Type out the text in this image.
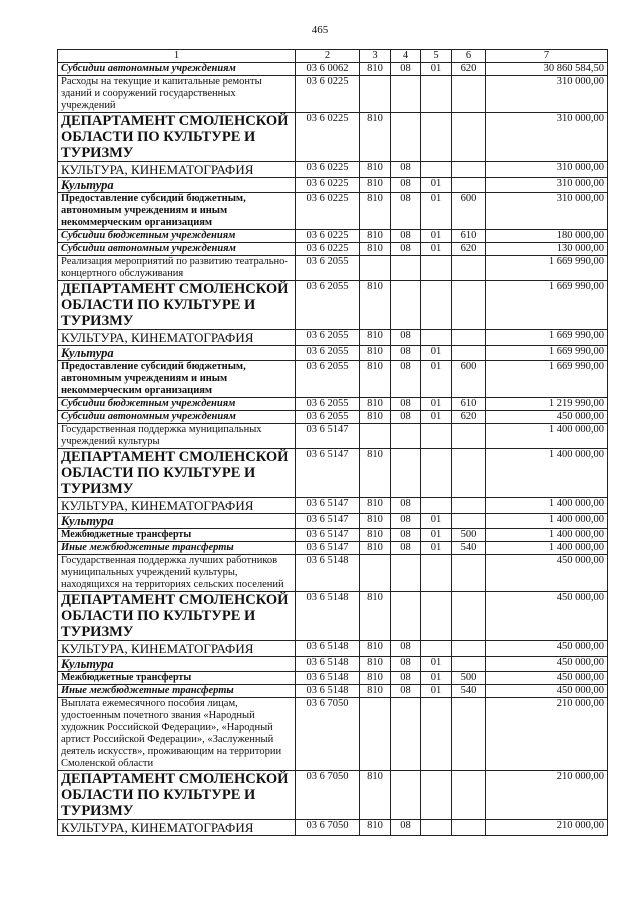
465
1	2	3	4	5	6	7
Субсидии автономным учреждениям	03 6 0062	810	08	01	620	30 860 584,50
Расходы на текущие и капитальные ремонты зданий и сооружений государственных учреждений	03 6 0225					310 000,00
ДЕПАРТАМЕНТ СМОЛЕНСКОЙ ОБЛАСТИ ПО КУЛЬТУРЕ И ТУРИЗМУ	03 6 0225	810				310 000,00
КУЛЬТУРА, КИНЕМАТОГРАФИЯ	03 6 0225	810	08			310 000,00
Культура	03 6 0225	810	08	01		310 000,00
Предоставление субсидий бюджетным, автономным учреждениям и иным некоммерческим организациям	03 6 0225	810	08	01	600	310 000,00
Субсидии бюджетным учреждениям	03 6 0225	810	08	01	610	180 000,00
Субсидии автономным учреждениям	03 6 0225	810	08	01	620	130 000,00
Реализация мероприятий по развитию театрально-концертного обслуживания	03 6 2055					1 669 990,00
ДЕПАРТАМЕНТ СМОЛЕНСКОЙ ОБЛАСТИ ПО КУЛЬТУРЕ И ТУРИЗМУ	03 6 2055	810				1 669 990,00
КУЛЬТУРА, КИНЕМАТОГРАФИЯ	03 6 2055	810	08			1 669 990,00
Культура	03 6 2055	810	08	01		1 669 990,00
Предоставление субсидий бюджетным, автономным учреждениям и иным некоммерческим организациям	03 6 2055	810	08	01	600	1 669 990,00
Субсидии бюджетным учреждениям	03 6 2055	810	08	01	610	1 219 990,00
Субсидии автономным учреждениям	03 6 2055	810	08	01	620	450 000,00
Государственная поддержка муниципальных учреждений культуры	03 6 5147					1 400 000,00
ДЕПАРТАМЕНТ СМОЛЕНСКОЙ ОБЛАСТИ ПО КУЛЬТУРЕ И ТУРИЗМУ	03 6 5147	810				1 400 000,00
КУЛЬТУРА, КИНЕМАТОГРАФИЯ	03 6 5147	810	08			1 400 000,00
Культура	03 6 5147	810	08	01		1 400 000,00
Межбюджетные трансферты	03 6 5147	810	08	01	500	1 400 000,00
Иные межбюджетные трансферты	03 6 5147	810	08	01	540	1 400 000,00
Государственная поддержка лучших работников муниципальных учреждений культуры, находящихся на территориях сельских поселений	03 6 5148					450 000,00
ДЕПАРТАМЕНТ СМОЛЕНСКОЙ ОБЛАСТИ ПО КУЛЬТУРЕ И ТУРИЗМУ	03 6 5148	810				450 000,00
КУЛЬТУРА, КИНЕМАТОГРАФИЯ	03 6 5148	810	08			450 000,00
Культура	03 6 5148	810	08	01		450 000,00
Межбюджетные трансферты	03 6 5148	810	08	01	500	450 000,00
Иные межбюджетные трансферты	03 6 5148	810	08	01	540	450 000,00
Выплата ежемесячного пособия лицам, удостоенным почетного звания «Народный художник Российской Федерации», «Народный артист Российской Федерации», «Заслуженный деятель искусств», проживающим на территории Смоленской области	03 6 7050					210 000,00
ДЕПАРТАМЕНТ СМОЛЕНСКОЙ ОБЛАСТИ ПО КУЛЬТУРЕ И ТУРИЗМУ	03 6 7050	810				210 000,00
КУЛЬТУРА, КИНЕМАТОГРАФИЯ	03 6 7050	810	08			210 000,00
